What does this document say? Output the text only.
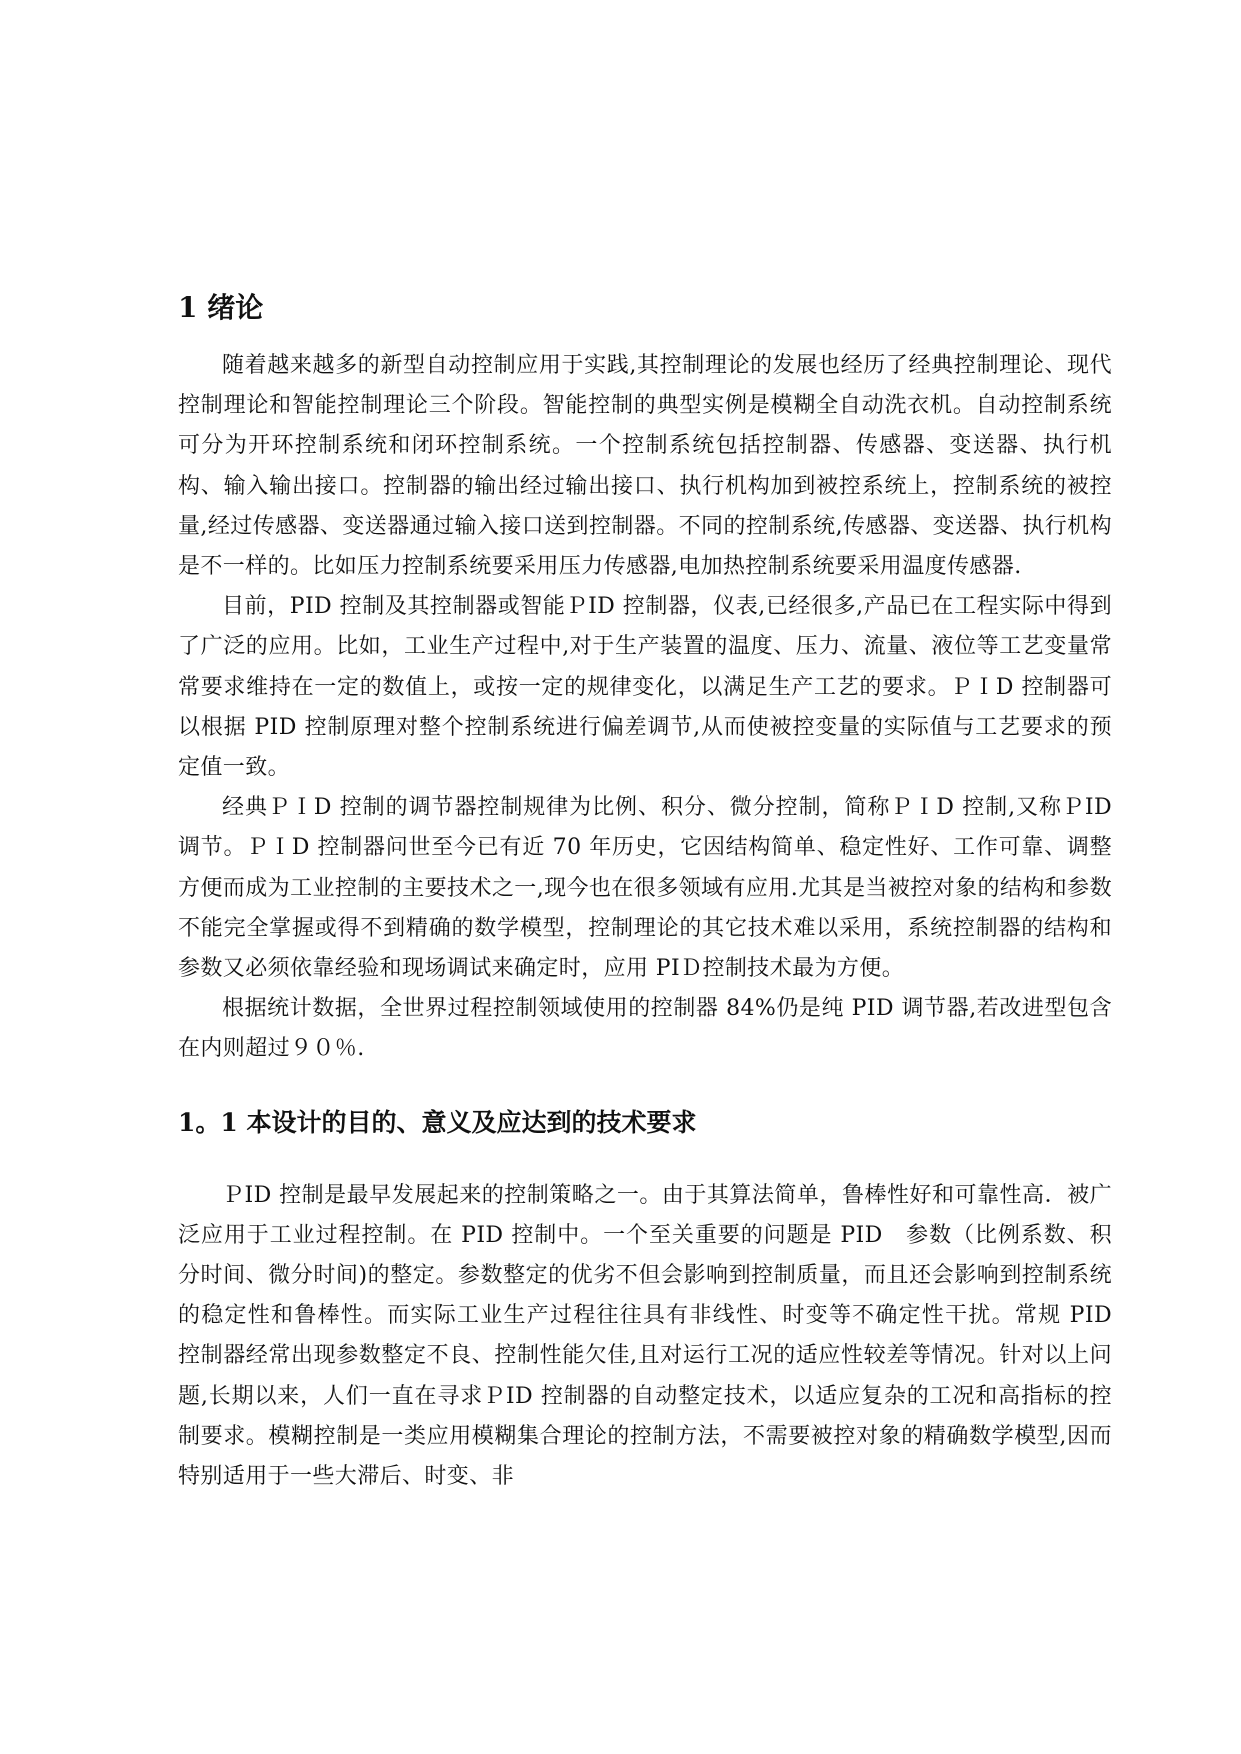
1 绪论

随着越来越多的新型自动控制应用于实践,其控制理论的发展也经历了经典控制理论、现代控制理论和智能控制理论三个阶段。智能控制的典型实例是模糊全自动洗衣机。自动控制系统可分为开环控制系统和闭环控制系统。一个控制系统包括控制器、传感器、变送器、执行机构、输入输出接口。控制器的输出经过输出接口、执行机构加到被控系统上，控制系统的被控量,经过传感器、变送器通过输入接口送到控制器。不同的控制系统,传感器、变送器、执行机构是不一样的。比如压力控制系统要采用压力传感器,电加热控制系统要采用温度传感器.

目前，PID 控制及其控制器或智能ＰID 控制器，仪表,已经很多,产品已在工程实际中得到了广泛的应用。比如，工业生产过程中,对于生产装置的温度、压力、流量、液位等工艺变量常常要求维持在一定的数值上，或按一定的规律变化，以满足生产工艺的要求。ＰＩD 控制器可以根据 PID 控制原理对整个控制系统进行偏差调节,从而使被控变量的实际值与工艺要求的预定值一致。

经典ＰＩD 控制的调节器控制规律为比例、积分、微分控制，简称ＰＩD 控制,又称ＰID 调节。ＰＩD 控制器问世至今已有近 70 年历史，它因结构简单、稳定性好、工作可靠、调整方便而成为工业控制的主要技术之一,现今也在很多领域有应用.尤其是当被控对象的结构和参数不能完全掌握或得不到精确的数学模型，控制理论的其它技术难以采用，系统控制器的结构和参数又必须依靠经验和现场调试来确定时，应用 PIＤ控制技术最为方便。

根据统计数据，全世界过程控制领域使用的控制器 84%仍是纯 PID 调节器,若改进型包含在内则超过９０％.

1。1 本设计的目的、意义及应达到的技术要求

ＰID 控制是最早发展起来的控制策略之一。由于其算法简单，鲁棒性好和可靠性高．被广泛应用于工业过程控制。在 PID 控制中。一个至关重要的问题是 PID　参数（比例系数、积分时间、微分时间)的整定。参数整定的优劣不但会影响到控制质量，而且还会影响到控制系统的稳定性和鲁棒性。而实际工业生产过程往往具有非线性、时变等不确定性干扰。常规 PID　控制器经常出现参数整定不良、控制性能欠佳,且对运行工况的适应性较差等情况。针对以上问题,长期以来，人们一直在寻求ＰID 控制器的自动整定技术，以适应复杂的工况和高指标的控制要求。模糊控制是一类应用模糊集合理论的控制方法，不需要被控对象的精确数学模型,因而特别适用于一些大滞后、时变、非
